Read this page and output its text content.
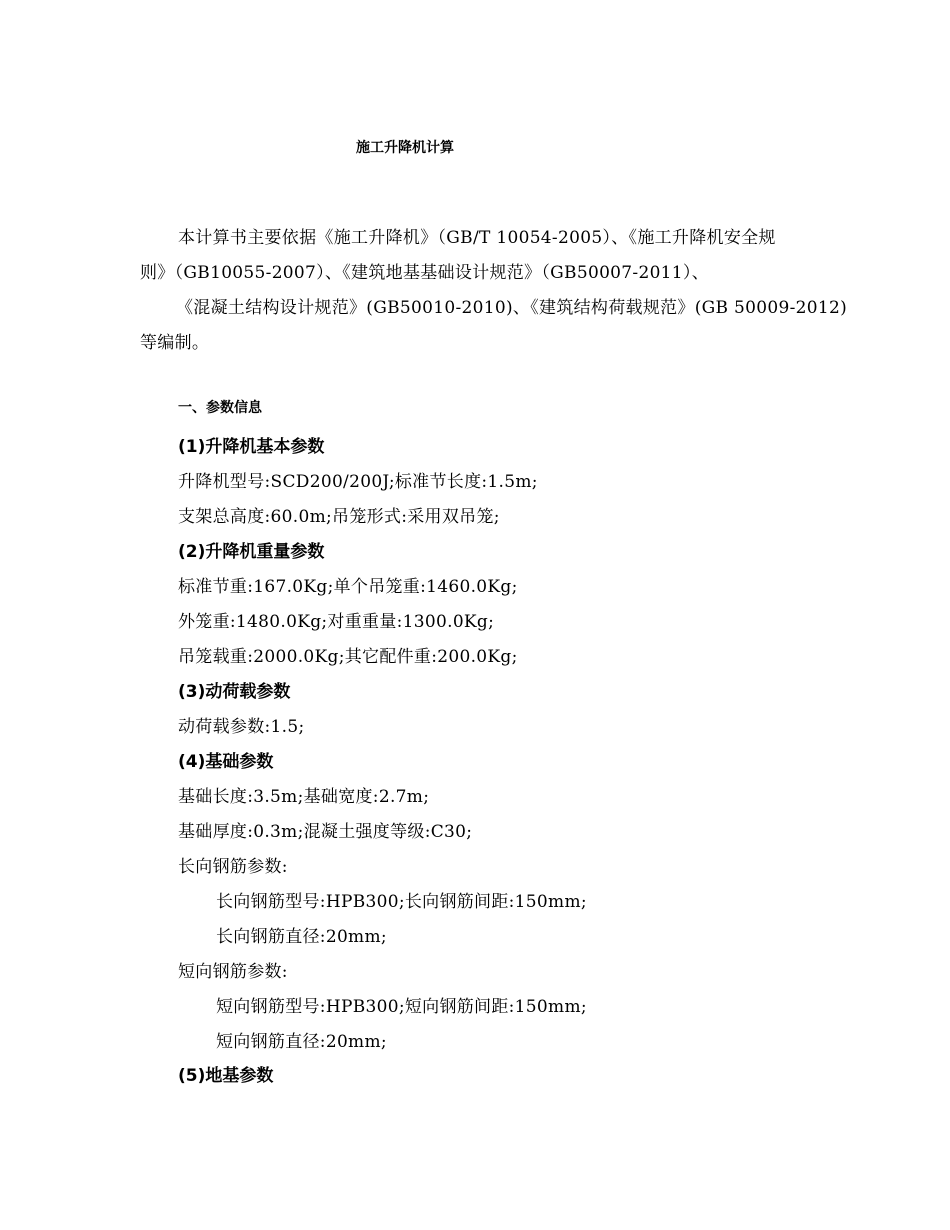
施工升降机计算
本计算书主要依据《施工升降机》（GB/T 10054-2005）、《施工升降机安全规
则》（GB10055-2007）、《建筑地基基础设计规范》（GB50007-2011）、
《混凝土结构设计规范》(GB50010-2010)、《建筑结构荷载规范》(GB 50009-2012)
等编制。
一、参数信息
(1)升降机基本参数
升降机型号:SCD200/200J;标准节长度:1.5m;
支架总高度:60.0m;吊笼形式:采用双吊笼;
(2)升降机重量参数
标准节重:167.0Kg;单个吊笼重:1460.0Kg;
外笼重:1480.0Kg;对重重量:1300.0Kg;
吊笼载重:2000.0Kg;其它配件重:200.0Kg;
(3)动荷载参数
动荷载参数:1.5;
(4)基础参数
基础长度:3.5m;基础宽度:2.7m;
基础厚度:0.3m;混凝土强度等级:C30;
长向钢筋参数:
长向钢筋型号:HPB300;长向钢筋间距:150mm;
长向钢筋直径:20mm;
短向钢筋参数:
短向钢筋型号:HPB300;短向钢筋间距:150mm;
短向钢筋直径:20mm;
(5)地基参数
